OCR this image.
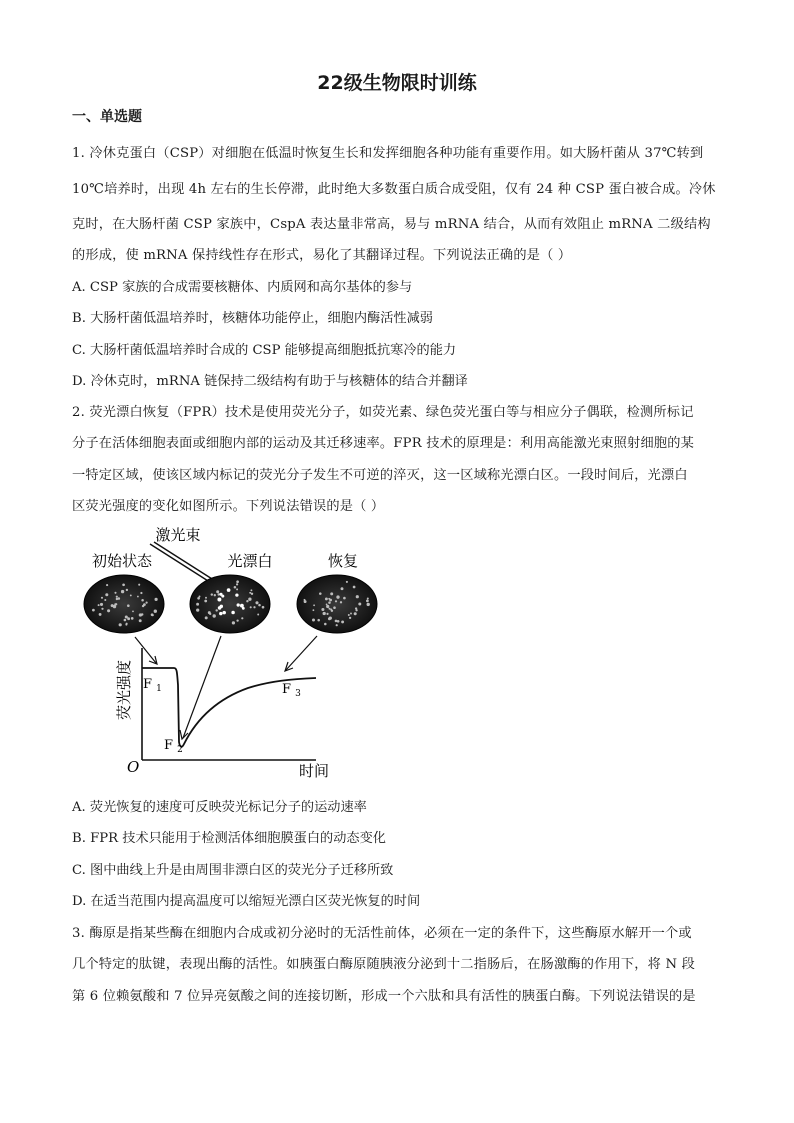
22级生物限时训练
一、单选题
1. 冷休克蛋白（CSP）对细胞在低温时恢复生长和发挥细胞各种功能有重要作用。如大肠杆菌从 37℃转到
10℃培养时，出现 4h 左右的生长停滞，此时绝大多数蛋白质合成受阻，仅有 24 种 CSP 蛋白被合成。冷休
克时，在大肠杆菌 CSP 家族中，CspA 表达量非常高，易与 mRNA 结合，从而有效阻止 mRNA 二级结构
的形成，使 mRNA 保持线性存在形式，易化了其翻译过程。下列说法正确的是（ ）
A. CSP 家族的合成需要核糖体、内质网和高尔基体的参与
B. 大肠杆菌低温培养时，核糖体功能停止，细胞内酶活性减弱
C. 大肠杆菌低温培养时合成的 CSP 能够提高细胞抵抗寒冷的能力
D. 冷休克时，mRNA 链保持二级结构有助于与核糖体的结合并翻译
2. 荧光漂白恢复（FPR）技术是使用荧光分子，如荧光素、绿色荧光蛋白等与相应分子偶联，检测所标记
分子在活体细胞表面或细胞内部的运动及其迁移速率。FPR 技术的原理是：利用高能激光束照射细胞的某
一特定区域，使该区域内标记的荧光分子发生不可逆的淬灭，这一区域称光漂白区。一段时间后，光漂白
区荧光强度的变化如图所示。下列说法错误的是（ ）
初始状态	光漂白	恢复
激光束
O	时间
荧光强度 F $_1$
F $_2$
F $_3$
A. 荧光恢复的速度可反映荧光标记分子的运动速率
B. FPR 技术只能用于检测活体细胞膜蛋白的动态变化
C. 图中曲线上升是由周围非漂白区的荧光分子迁移所致
D. 在适当范围内提高温度可以缩短光漂白区荧光恢复的时间
3. 酶原是指某些酶在细胞内合成或初分泌时的无活性前体，必须在一定的条件下，这些酶原水解开一个或
几个特定的肽键，表现出酶的活性。如胰蛋白酶原随胰液分泌到十二指肠后，在肠激酶的作用下，将 N 段
第 6 位赖氨酸和 7 位异亮氨酸之间的连接切断，形成一个六肽和具有活性的胰蛋白酶。下列说法错误的是
